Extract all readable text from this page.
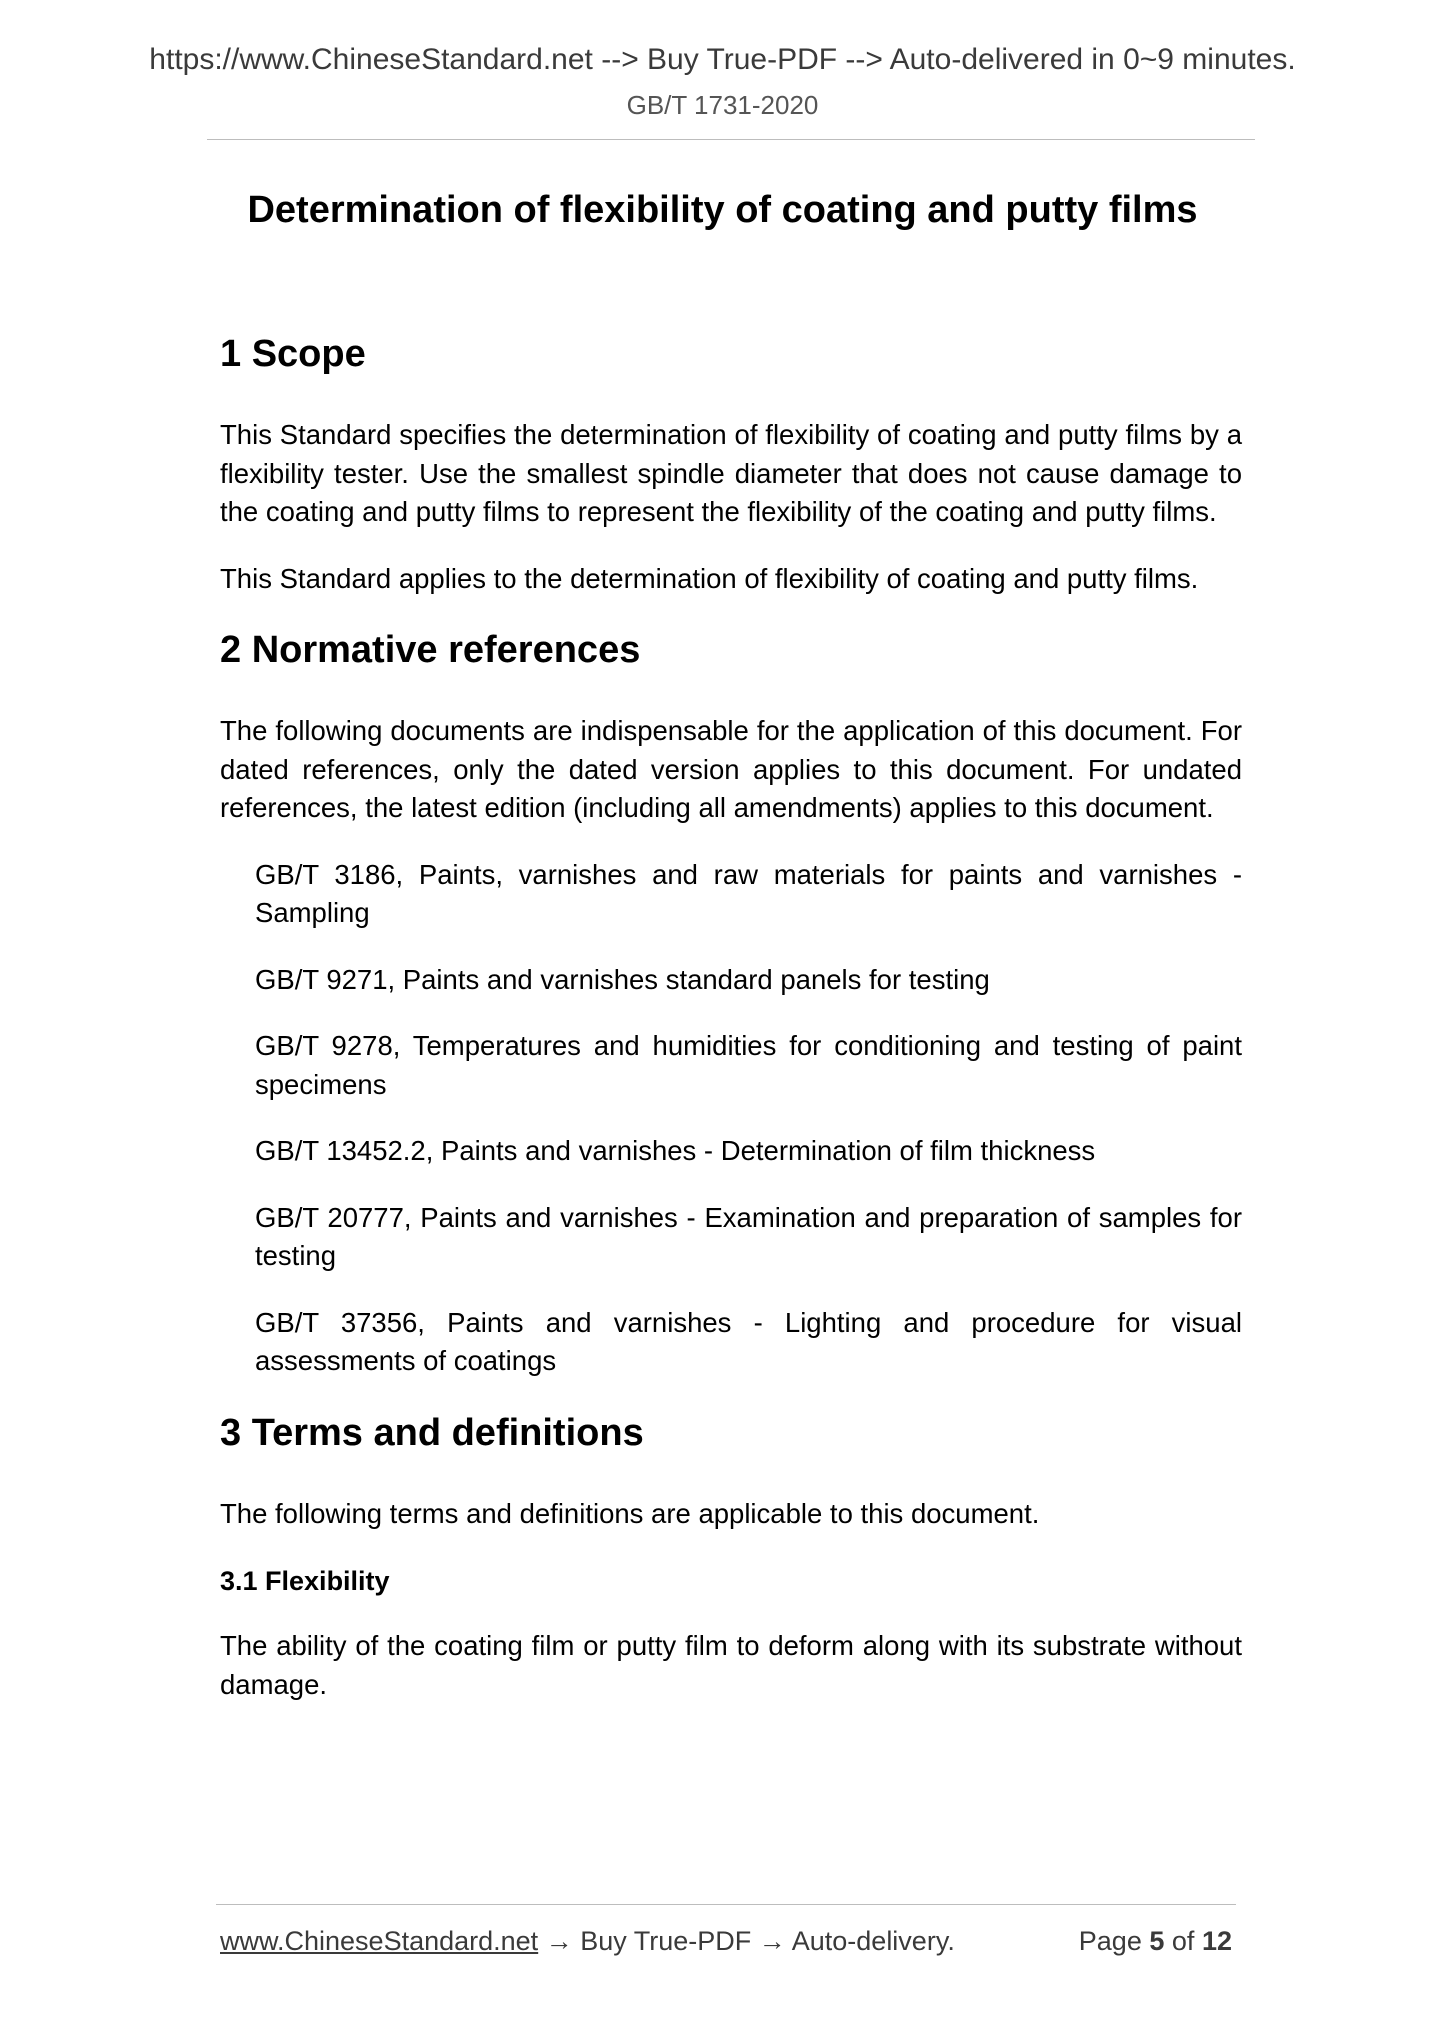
https://www.ChineseStandard.net --> Buy True-PDF --> Auto-delivered in 0~9 minutes.
GB/T 1731-2020
Determination of flexibility of coating and putty films
1 Scope

This Standard specifies the determination of flexibility of coating and putty films by a flexibility tester. Use the smallest spindle diameter that does not cause damage to the coating and putty films to represent the flexibility of the coating and putty films.

This Standard applies to the determination of flexibility of coating and putty films.

2 Normative references

The following documents are indispensable for the application of this document. For dated references, only the dated version applies to this document. For undated references, the latest edition (including all amendments) applies to this document.

GB/T 3186, Paints, varnishes and raw materials for paints and varnishes - Sampling

GB/T 9271, Paints and varnishes standard panels for testing

GB/T 9278, Temperatures and humidities for conditioning and testing of paint specimens

GB/T 13452.2, Paints and varnishes - Determination of film thickness

GB/T 20777, Paints and varnishes - Examination and preparation of samples for testing

GB/T 37356, Paints and varnishes - Lighting and procedure for visual assessments of coatings

3 Terms and definitions

The following terms and definitions are applicable to this document.

3.1 Flexibility

The ability of the coating film or putty film to deform along with its substrate without damage.

www.ChineseStandard.net → Buy True-PDF → Auto-delivery.	Page 5 of 12
